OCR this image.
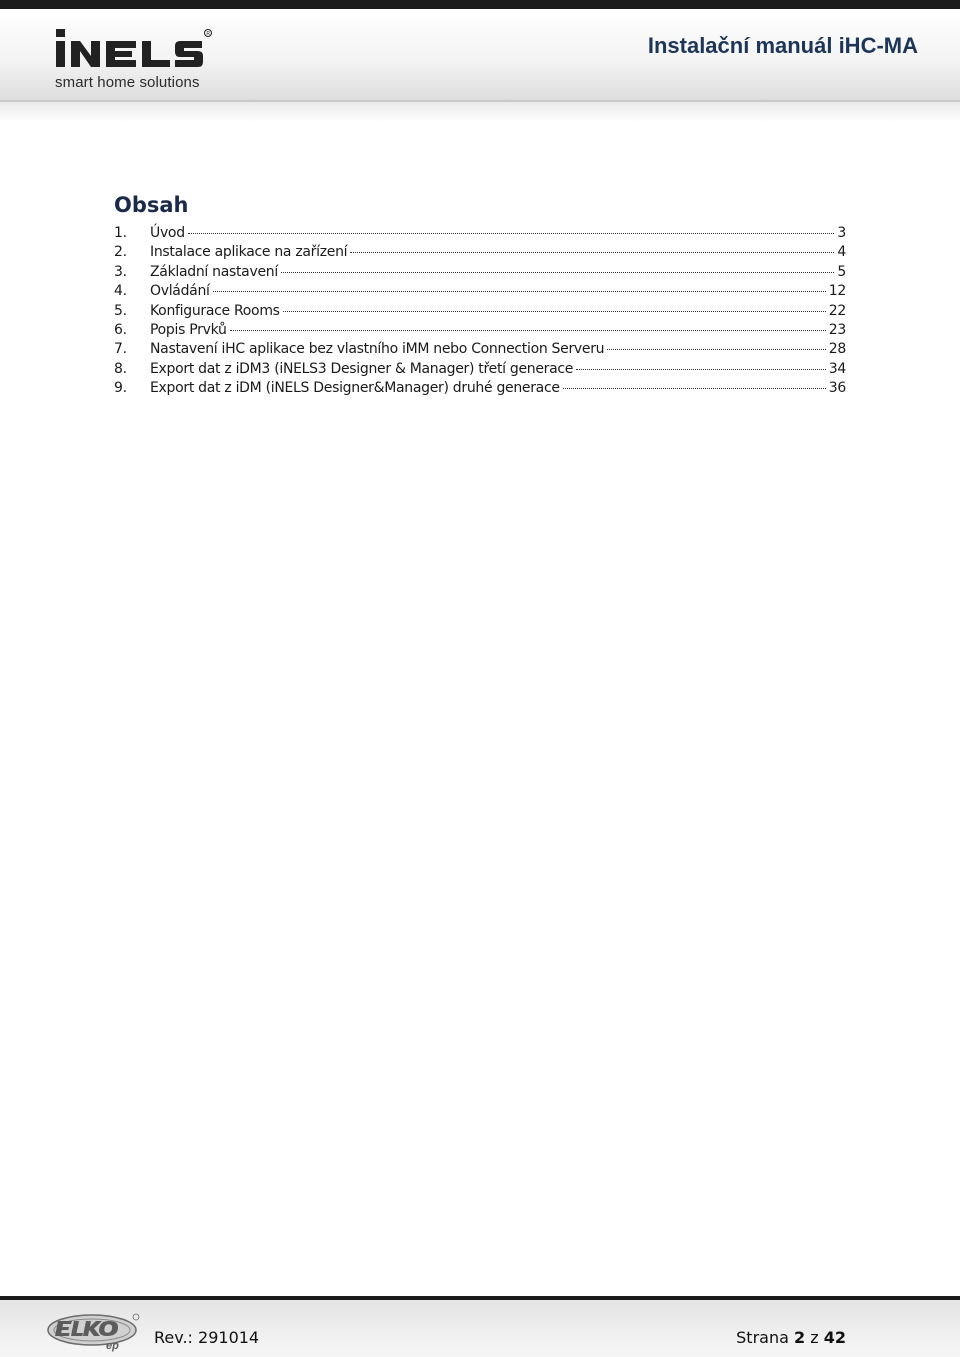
R
smart home solutions
Instalační manuál iHC-MA
Obsah
1.	Úvod	3
2.	Instalace aplikace na zařízení	4
3.	Základní nastavení	5
4.	Ovládání	12
5.	Konfigurace Rooms	22
6.	Popis Prvků	23
7.	Nastavení iHC aplikace bez vlastního iMM nebo Connection Serveru	28
8.	Export dat z iDM3 (iNELS3 Designer & Manager) třetí generace	34
9.	Export dat z iDM (iNELS Designer&Manager) druhé generace	36
ep Rev.: 291014	Strana 2 z 42
